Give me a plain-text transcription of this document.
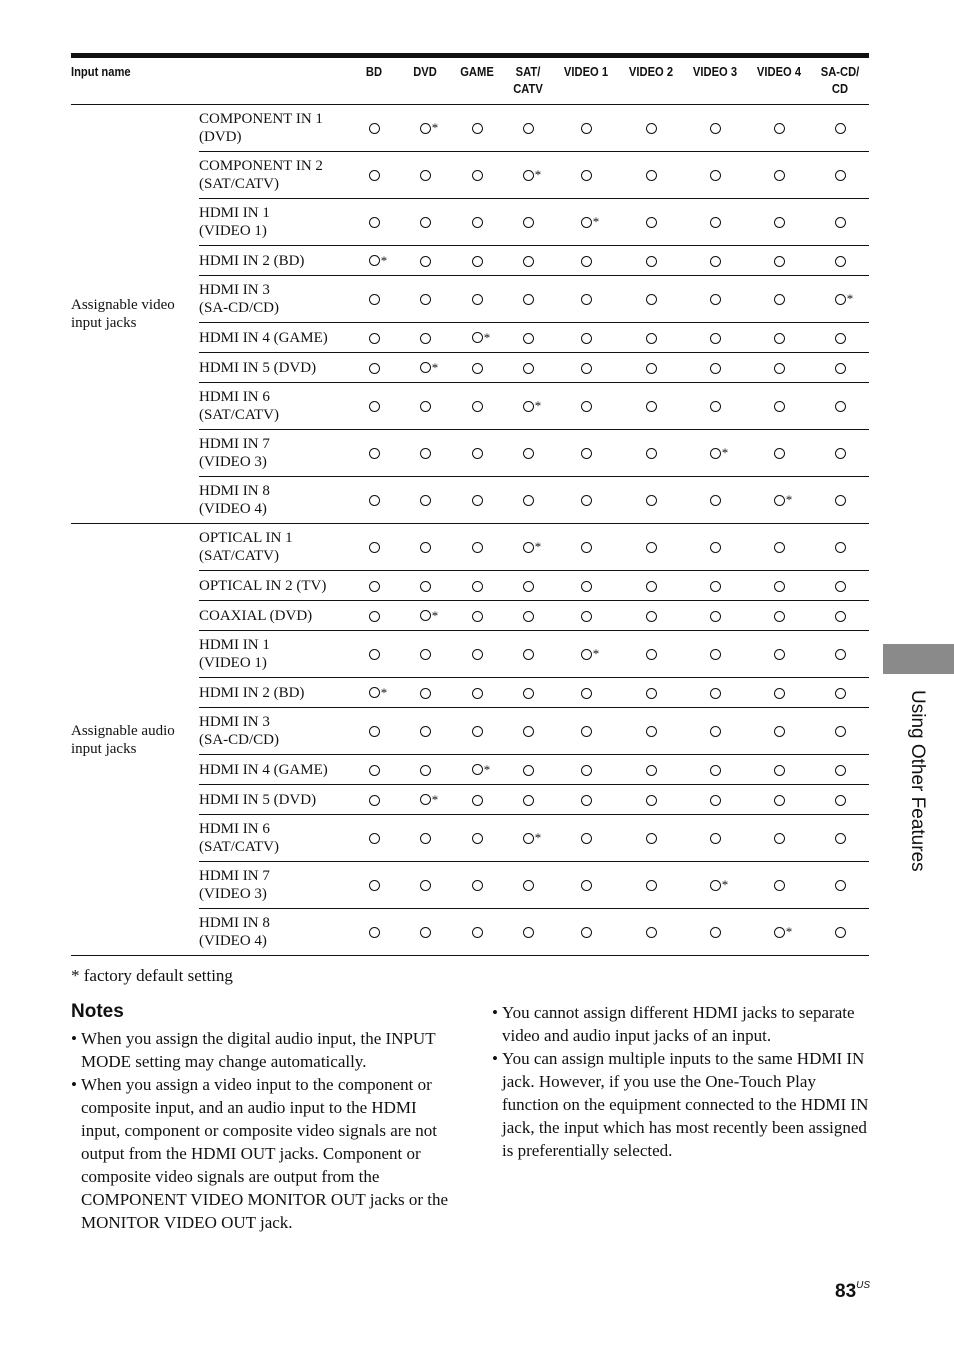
Input name		BD	DVD	GAME	SAT/
CATV	VIDEO 1	VIDEO 2	VIDEO 3	VIDEO 4	SA-CD/
CD
Assignable video input jacks	COMPONENT IN 1
(DVD)		*							
	COMPONENT IN 2
(SAT/CATV)				*					
	HDMI IN 1
(VIDEO 1)					*				
	HDMI IN 2 (BD)	*								
	HDMI IN 3
(SA-CD/CD)									*
	HDMI IN 4 (GAME)			*						
	HDMI IN 5 (DVD)		*							
	HDMI IN 6
(SAT/CATV)				*					
	HDMI IN 7
(VIDEO 3)							*		
	HDMI IN 8
(VIDEO 4)								*	
Assignable audio input jacks	OPTICAL IN 1
(SAT/CATV)				*					
	OPTICAL IN 2 (TV)									
	COAXIAL (DVD)		*							
	HDMI IN 1
(VIDEO 1)					*				
	HDMI IN 2 (BD)	*								
	HDMI IN 3
(SA-CD/CD)									
	HDMI IN 4 (GAME)			*						
	HDMI IN 5 (DVD)		*							
	HDMI IN 6
(SAT/CATV)				*					
	HDMI IN 7
(VIDEO 3)							*		
	HDMI IN 8
(VIDEO 4)								*	
* factory default setting
Notes

• When you assign the digital audio input, the INPUT MODE setting may change automatically.

• When you assign a video input to the component or composite input, and an audio input to the HDMI input, component or composite video signals are not output from the HDMI OUT jacks. Component or composite video signals are output from the COMPONENT VIDEO MONITOR OUT jacks or the MONITOR VIDEO OUT jack.

• You cannot assign different HDMI jacks to separate video and audio input jacks of an input.

• You can assign multiple inputs to the same HDMI IN jack. However, if you use the One-Touch Play function on the equipment connected to the HDMI IN jack, the input which has most recently been assigned is preferentially selected.

Using Other Features
$83^{US}$
